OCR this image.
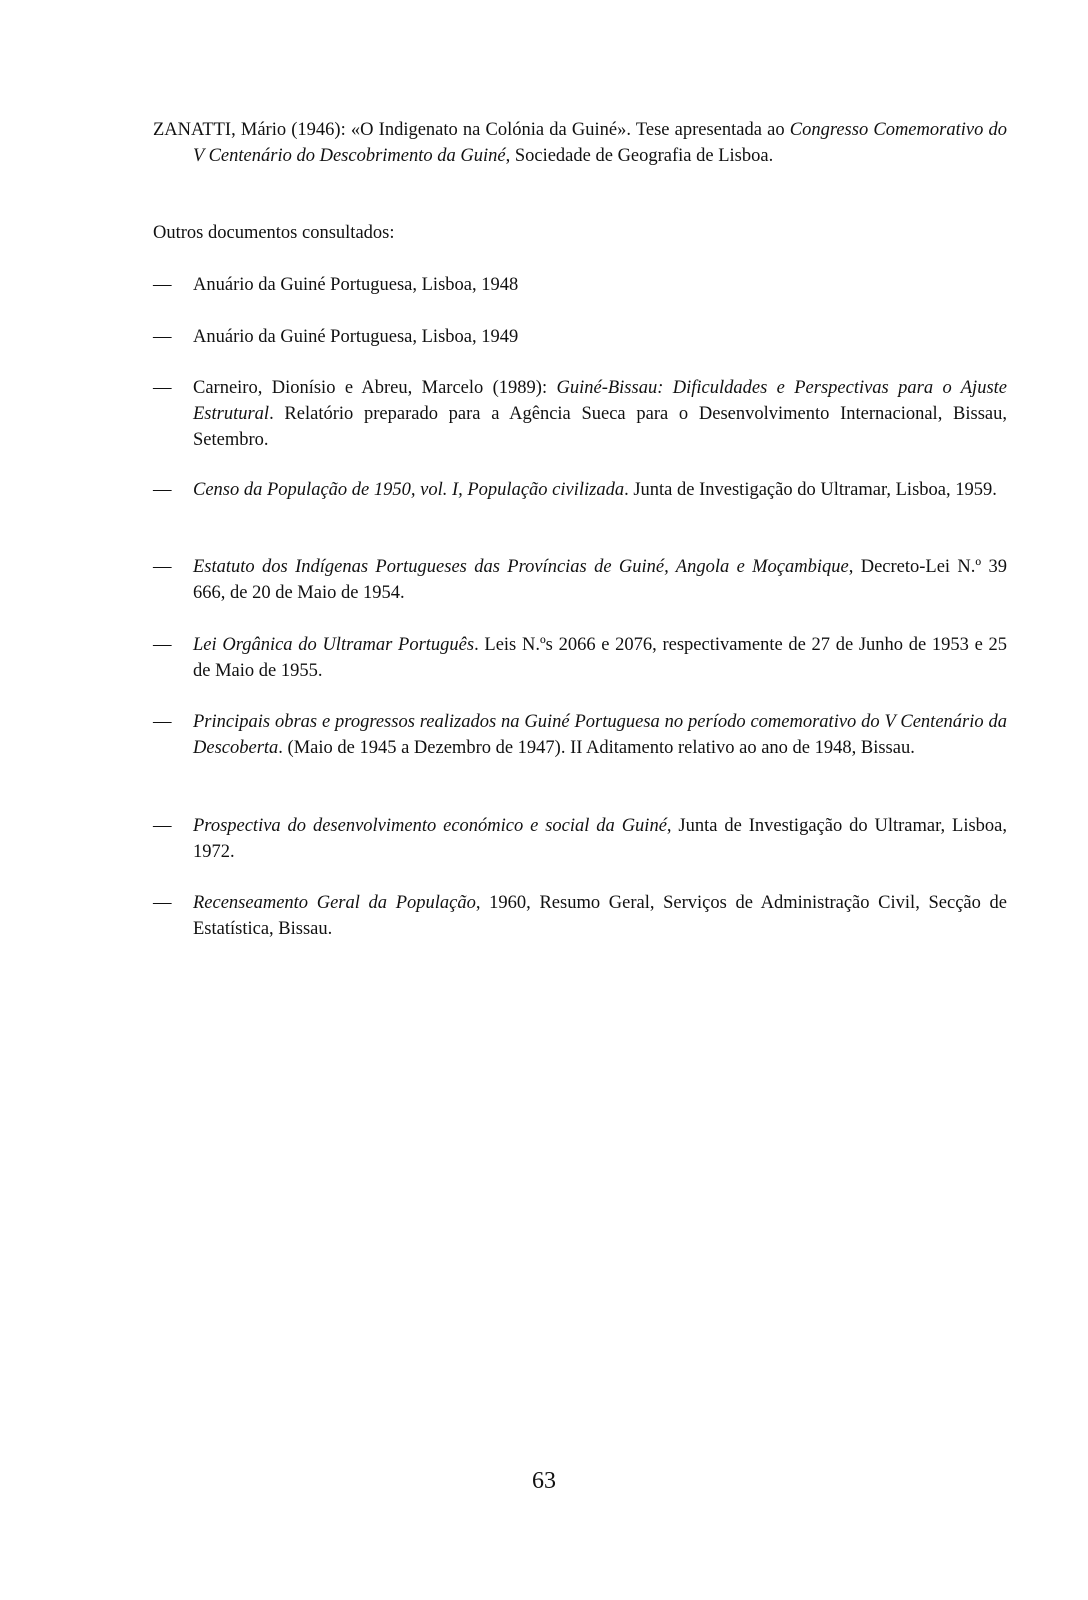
ZANATTI, Mário (1946): «O Indigenato na Colónia da Guiné». Tese apresentada ao Congresso Comemorativo do V Centenário do Descobrimento da Guiné, Sociedade de Geografia de Lisboa.
Outros documentos consultados:
— Anuário da Guiné Portuguesa, Lisboa, 1948
— Anuário da Guiné Portuguesa, Lisboa, 1949
— Carneiro, Dionísio e Abreu, Marcelo (1989): Guiné-Bissau: Dificuldades e Perspectivas para o Ajuste Estrutural. Relatório preparado para a Agência Sueca para o Desenvolvimento Internacional, Bissau, Setembro.
— Censo da População de 1950, vol. I, População civilizada. Junta de Investigação do Ultramar, Lisboa, 1959.
— Estatuto dos Indígenas Portugueses das Províncias de Guiné, Angola e Moçambique, Decreto-Lei N.º 39 666, de 20 de Maio de 1954.
— Lei Orgânica do Ultramar Português. Leis N.ºs 2066 e 2076, respectivamente de 27 de Junho de 1953 e 25 de Maio de 1955.
— Principais obras e progressos realizados na Guiné Portuguesa no período comemorativo do V Centenário da Descoberta. (Maio de 1945 a Dezembro de 1947). II Aditamento relativo ao ano de 1948, Bissau.
— Prospectiva do desenvolvimento económico e social da Guiné, Junta de Investigação do Ultramar, Lisboa, 1972.
— Recenseamento Geral da População, 1960, Resumo Geral, Serviços de Administração Civil, Secção de Estatística, Bissau.
63
